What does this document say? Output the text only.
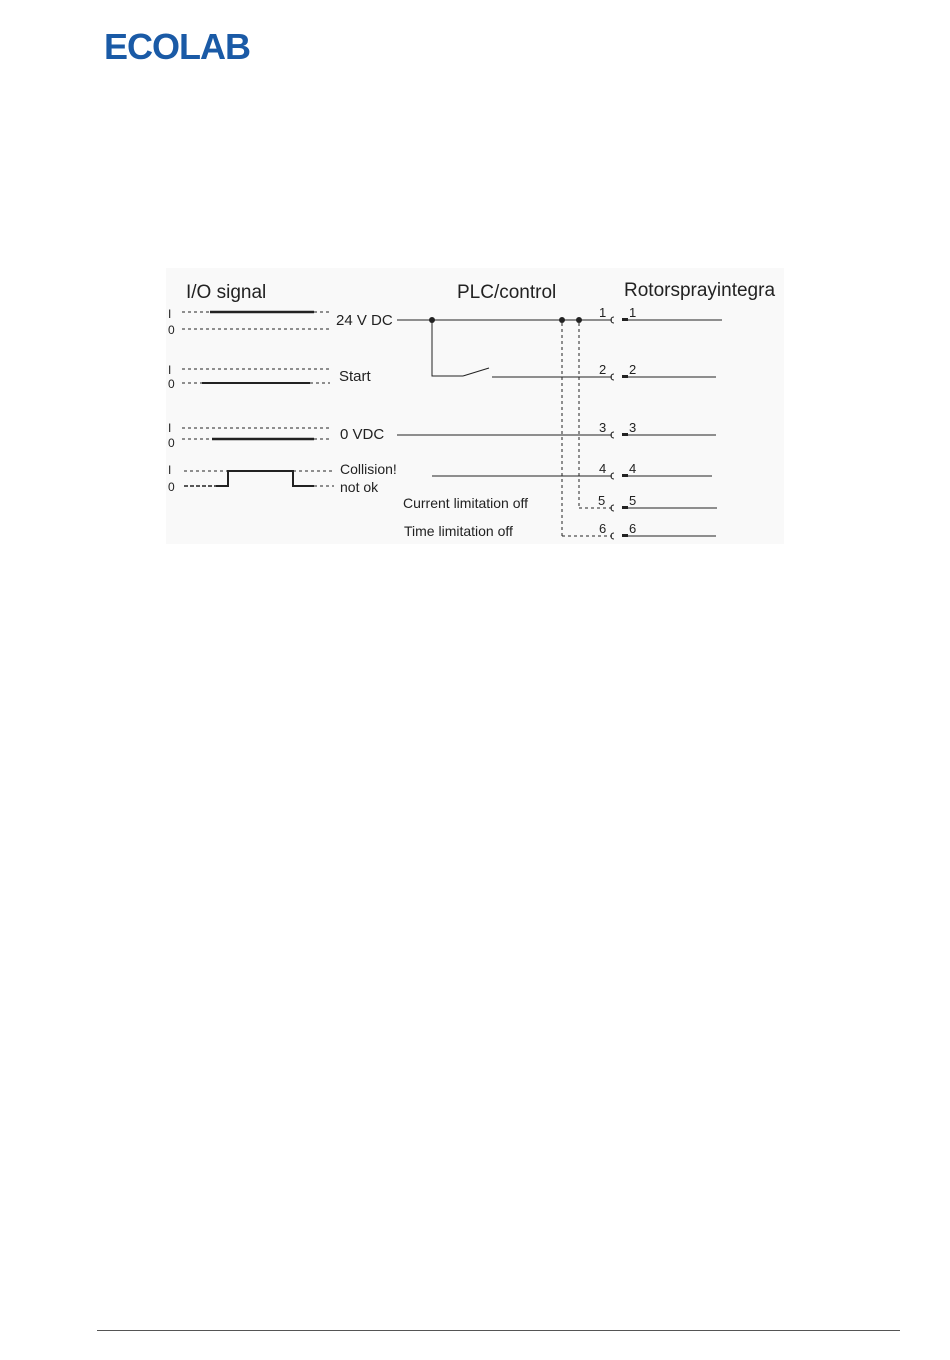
ECOLAB
I/O signal	PLC/control	Rotorsprayintegra
I
0
24 V DC
I
0	Start
I
0	0 VDC
I
0
Collision!
not ok
Current limitation off
Time limitation off
1 1
2 2
3 3
4 4
5 5
6 6
